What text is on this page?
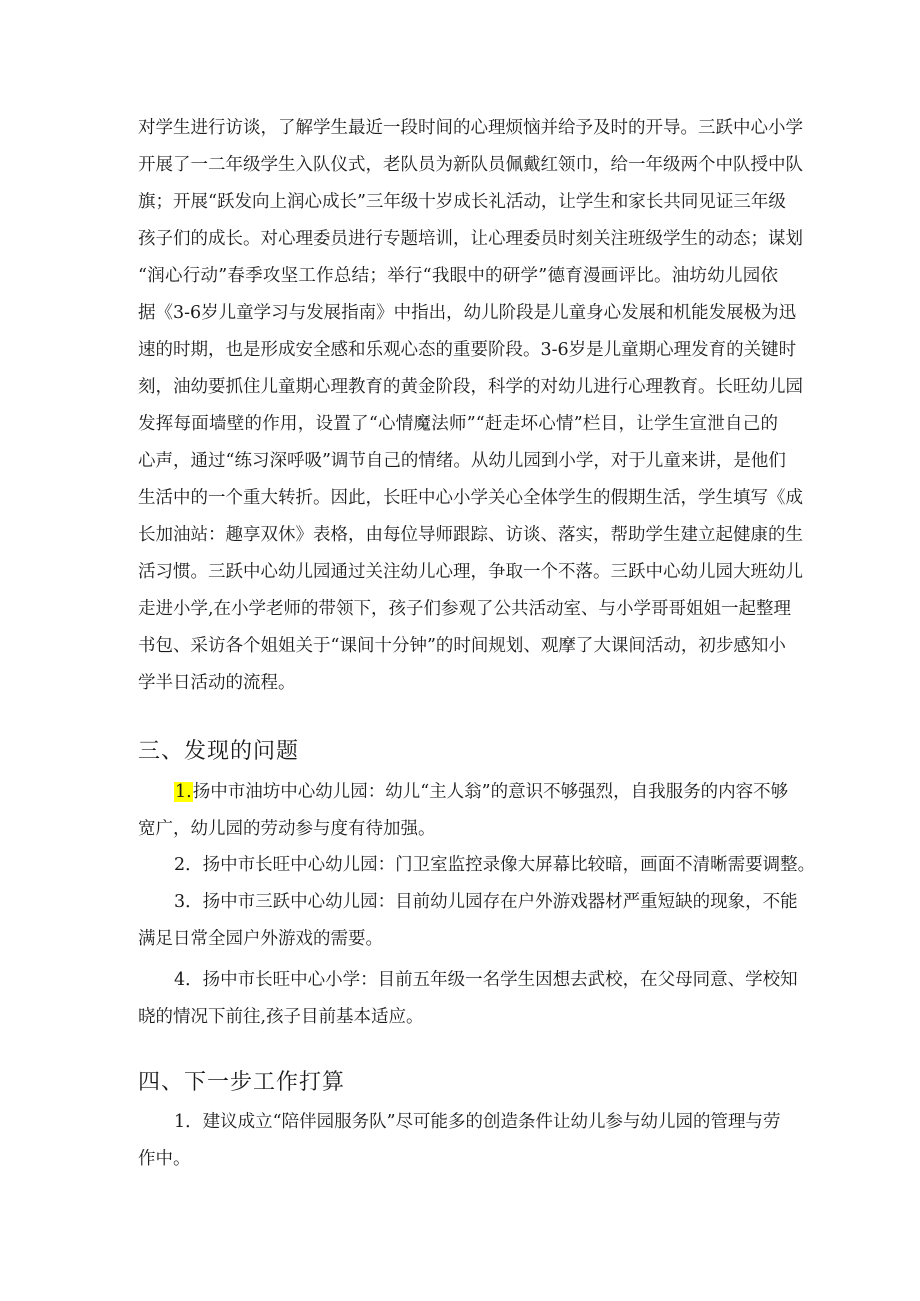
对学生进行访谈，了解学生最近一段时间的心理烦恼并给予及时的开导。三跃中心小学
开展了一二年级学生入队仪式，老队员为新队员佩戴红领巾，给一年级两个中队授中队
旗；开展“跃发向上润心成长”三年级十岁成长礼活动，让学生和家长共同见证三年级
孩子们的成长。对心理委员进行专题培训，让心理委员时刻关注班级学生的动态；谋划
“润心行动”春季攻坚工作总结；举行“我眼中的研学”德育漫画评比。油坊幼儿园依
据《3-6岁儿童学习与发展指南》中指出，幼儿阶段是儿童身心发展和机能发展极为迅
速的时期，也是形成安全感和乐观心态的重要阶段。3-6岁是儿童期心理发育的关键时
刻，油幼要抓住儿童期心理教育的黄金阶段，科学的对幼儿进行心理教育。长旺幼儿园
发挥每面墙壁的作用，设置了“心情魔法师”“赶走坏心情”栏目，让学生宣泄自己的
心声，通过“练习深呼吸”调节自己的情绪。从幼儿园到小学，对于儿童来讲，是他们
生活中的一个重大转折。因此，长旺中心小学关心全体学生的假期生活，学生填写《成
长加油站：趣享双休》表格，由每位导师跟踪、访谈、落实，帮助学生建立起健康的生
活习惯。三跃中心幼儿园通过关注幼儿心理，争取一个不落。三跃中心幼儿园大班幼儿
走进小学,在小学老师的带领下，孩子们参观了公共活动室、与小学哥哥姐姐一起整理
书包、采访各个姐姐关于“课间十分钟”的时间规划、观摩了大课间活动，初步感知小
学半日活动的流程。
三、发现的问题
1.扬中市油坊中心幼儿园：幼儿“主人翁”的意识不够强烈，自我服务的内容不够
宽广，幼儿园的劳动参与度有待加强。
2．扬中市长旺中心幼儿园：门卫室监控录像大屏幕比较暗，画面不清晰需要调整。
3．扬中市三跃中心幼儿园：目前幼儿园存在户外游戏器材严重短缺的现象，不能
满足日常全园户外游戏的需要。
4．扬中市长旺中心小学：目前五年级一名学生因想去武校，在父母同意、学校知
晓的情况下前往,孩子目前基本适应。
四、下一步工作打算
1．建议成立“陪伴园服务队”尽可能多的创造条件让幼儿参与幼儿园的管理与劳
作中。
